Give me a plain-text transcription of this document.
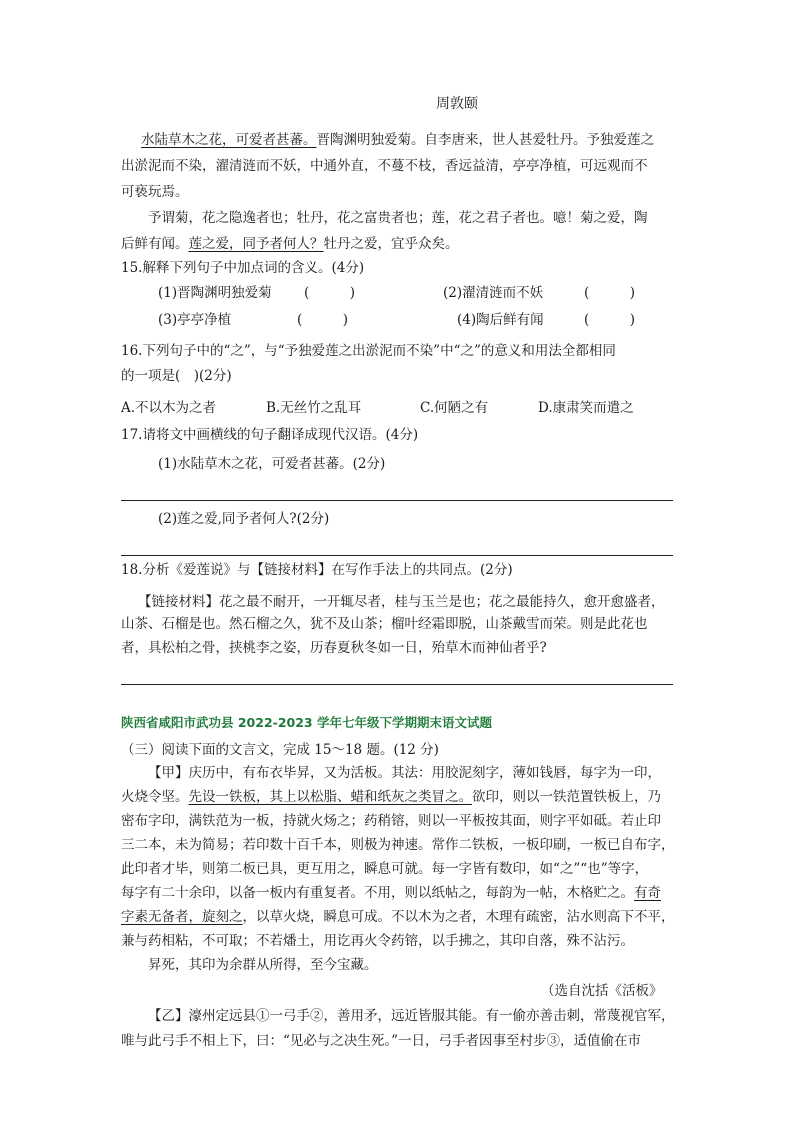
周敦颐
水陆草木之花，可爱者甚蕃。晋陶渊明独爱菊。自李唐来，世人甚爱牡丹。予独爱莲之
出淤泥而不染，濯清涟而不妖，中通外直，不蔓不枝，香远益清，亭亭净植，可远观而不
可亵玩焉。
予谓菊，花之隐逸者也；牡丹，花之富贵者也；莲，花之君子者也。噫！菊之爱，陶
后鲜有闻。莲之爱，同予者何人？牡丹之爱，宜乎众矣。
15.解释下列句子中加点词的含义。(4分)
(1)晋陶渊明独爱菊 (　　　)	(2)濯清涟而不妖	(　　　)
(3)亭亭净植	(　　　)	(4)陶后鲜有闻	(　　　)
16.下列句子中的“之”，与“予独爱莲之出淤泥而不染”中“之”的意义和用法全都相同
的一项是(　)(2分)
A.不以木为之者	B.无丝竹之乱耳	C.何陋之有	D.康肃笑而遣之
17.请将文中画横线的句子翻译成现代汉语。(4分)
(1)水陆草木之花，可爱者甚蕃。(2分)
(2)莲之爱,同予者何人?(2分)
18.分析《爱莲说》与【链接材料】在写作手法上的共同点。(2分)
【链接材料】花之最不耐开，一开辄尽者，桂与玉兰是也；花之最能持久，愈开愈盛者，
山茶、石榴是也。然石榴之久，犹不及山茶；榴叶经霜即脱，山茶戴雪而荣。则是此花也
者，具松柏之骨，挟桃李之姿，历春夏秋冬如一日，殆草木而神仙者乎?
陕西省咸阳市武功县 2022-2023 学年七年级下学期期末语文试题
（三）阅读下面的文言文，完成 15～18 题。(12 分)
【甲】庆历中，有布衣毕昇，又为活板。其法：用胶泥刻字，薄如钱唇，每字为一印，
火烧令坚。先设一铁板，其上以松脂、蜡和纸灰之类冒之。欲印，则以一铁范置铁板上，乃
密布字印，满铁范为一板，持就火炀之；药稍镕，则以一平板按其面，则字平如砥。若止印
三二本，未为简易；若印数十百千本，则极为神速。常作二铁板，一板印刷，一板已自布字，
此印者才毕，则第二板已具，更互用之，瞬息可就。每一字皆有数印，如“之”“也”等字，
每字有二十余印，以备一板内有重复者。不用，则以纸帖之，每韵为一帖，木格贮之。有奇
字素无备者，旋刻之，以草火烧，瞬息可成。不以木为之者，木理有疏密，沾水则高下不平，
兼与药相粘，不可取；不若燔土，用讫再火令药镕，以手拂之，其印自落，殊不沾污。
昇死，其印为余群从所得，至今宝藏。
（选自沈括《活板》
【乙】濠州定远县①一弓手②，善用矛，远近皆服其能。有一偷亦善击刺，常蔑视官军，
唯与此弓手不相上下，曰：“见必与之决生死。”一日，弓手者因事至村步③，适值偷在市
